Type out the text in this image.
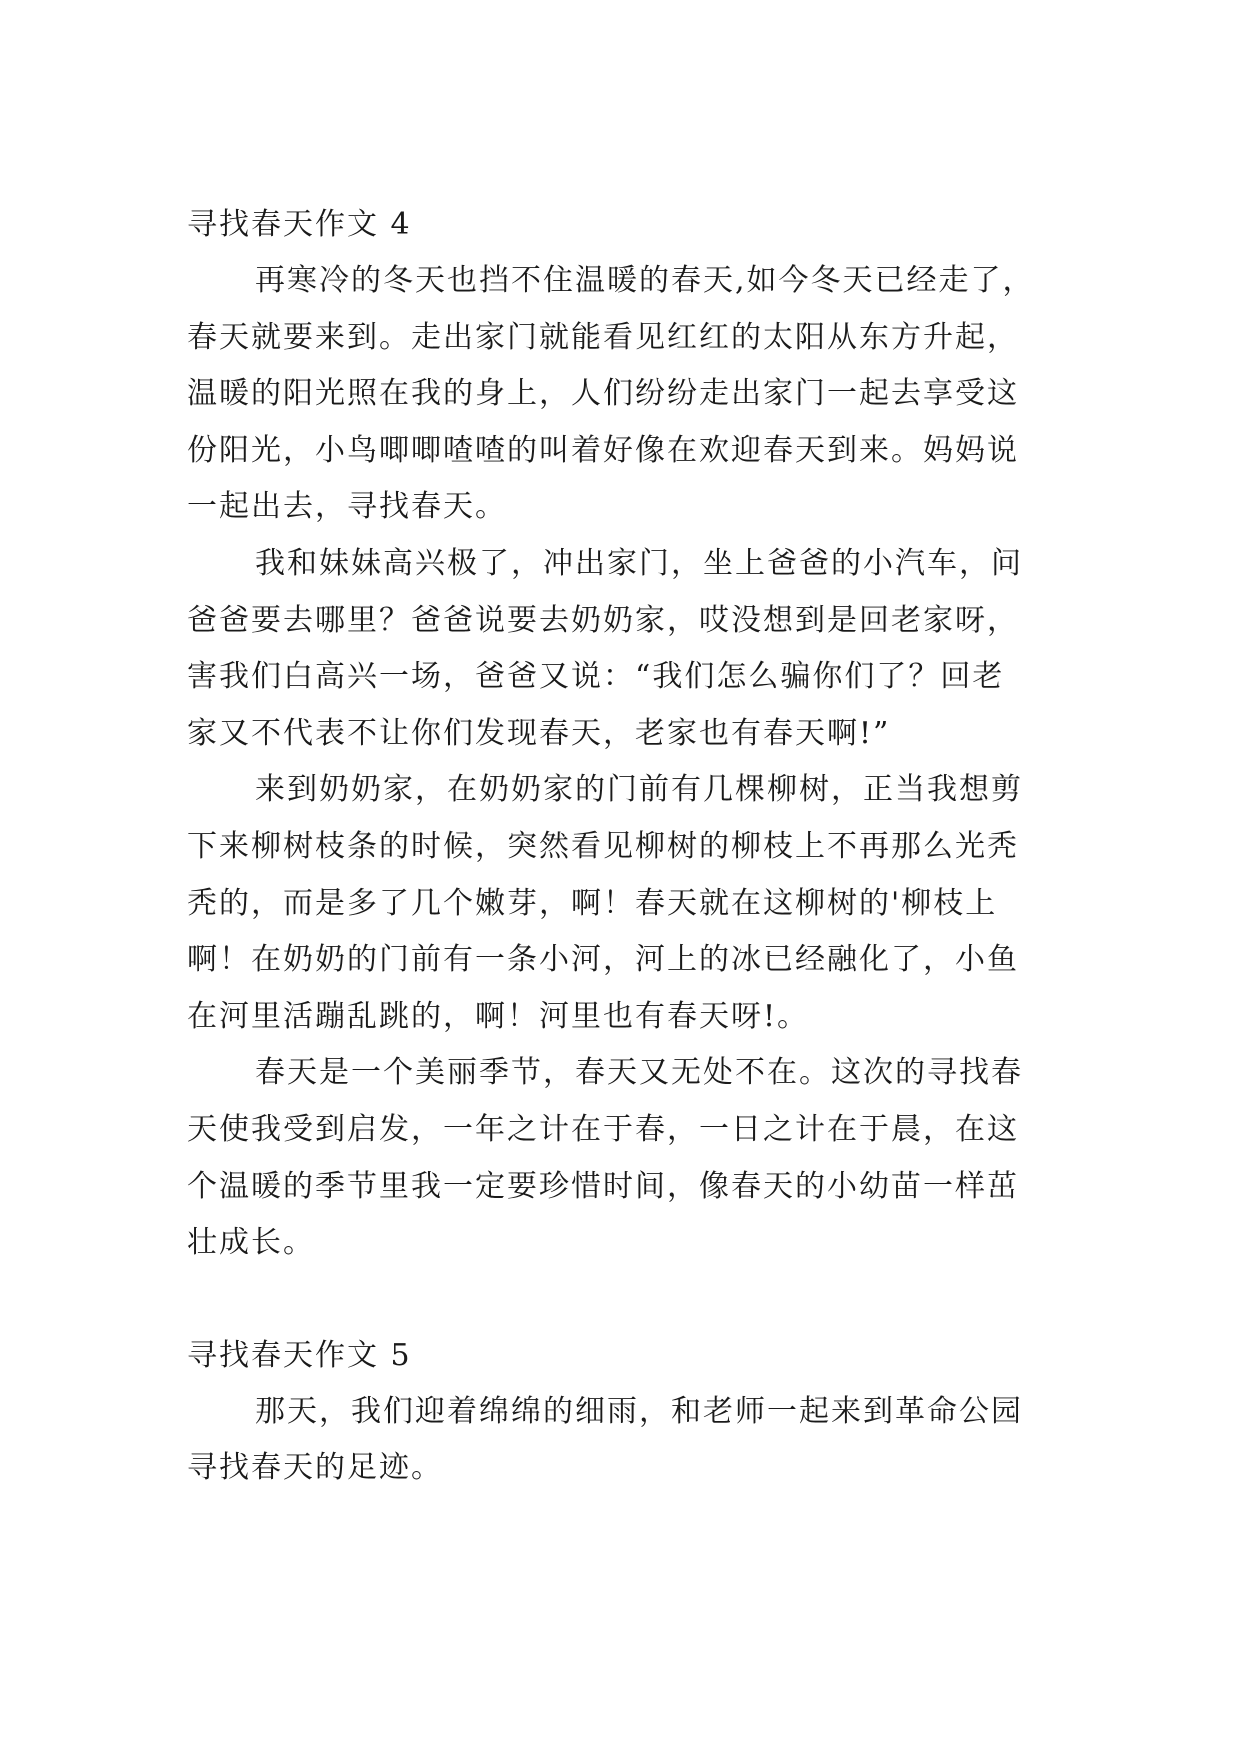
寻找春天作文 4

再寒冷的冬天也挡不住温暖的春天,如今冬天已经走了，
春天就要来到。走出家门就能看见红红的太阳从东方升起，
温暖的阳光照在我的身上，人们纷纷走出家门一起去享受这
份阳光，小鸟唧唧喳喳的叫着好像在欢迎春天到来。妈妈说
一起出去，寻找春天。

我和妹妹高兴极了，冲出家门，坐上爸爸的小汽车，问
爸爸要去哪里？爸爸说要去奶奶家，哎没想到是回老家呀，
害我们白高兴一场，爸爸又说：“我们怎么骗你们了？回老
家又不代表不让你们发现春天，老家也有春天啊!”

来到奶奶家，在奶奶家的门前有几棵柳树，正当我想剪
下来柳树枝条的时候，突然看见柳树的柳枝上不再那么光秃
秃的，而是多了几个嫩芽，啊！春天就在这柳树的'柳枝上
啊！在奶奶的门前有一条小河，河上的冰已经融化了，小鱼
在河里活蹦乱跳的，啊！河里也有春天呀!。

春天是一个美丽季节，春天又无处不在。这次的寻找春
天使我受到启发，一年之计在于春，一日之计在于晨，在这
个温暖的季节里我一定要珍惜时间，像春天的小幼苗一样茁
壮成长。

寻找春天作文 5

那天，我们迎着绵绵的细雨，和老师一起来到革命公园
寻找春天的足迹。
